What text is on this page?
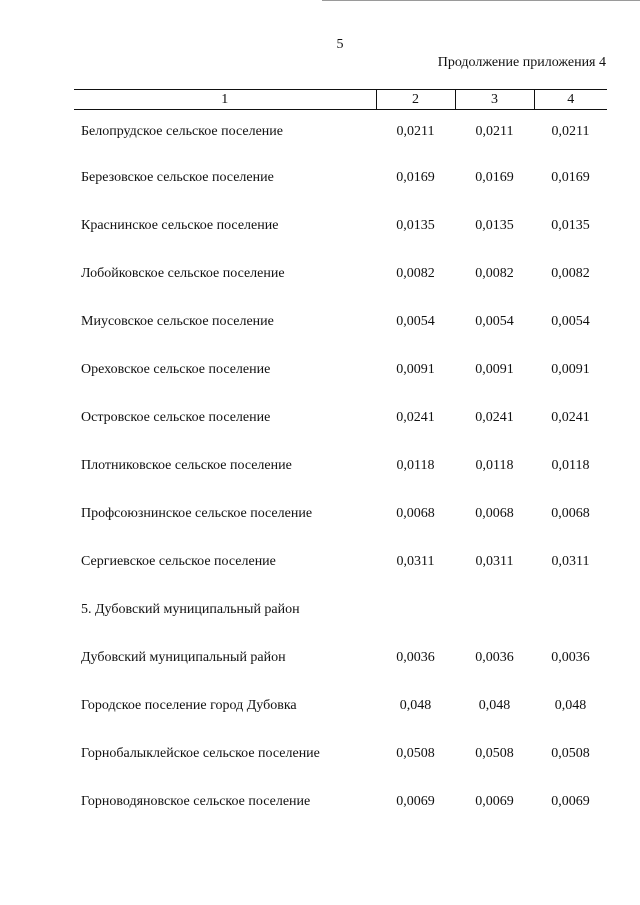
5
Продолжение приложения 4
1	2	3	4
Белопрудское сельское поселение	0,0211	0,0211	0,0211
Березовское сельское поселение	0,0169	0,0169	0,0169
Краснинское сельское поселение	0,0135	0,0135	0,0135
Лобойковское сельское поселение	0,0082	0,0082	0,0082
Миусовское сельское поселение	0,0054	0,0054	0,0054
Ореховское сельское поселение	0,0091	0,0091	0,0091
Островское сельское поселение	0,0241	0,0241	0,0241
Плотниковское сельское поселение	0,0118	0,0118	0,0118
Профсоюзнинское сельское поселение	0,0068	0,0068	0,0068
Сергиевское сельское поселение	0,0311	0,0311	0,0311
5. Дубовский муниципальный район			
Дубовский муниципальный район	0,0036	0,0036	0,0036
Городское поселение город Дубовка	0,048	0,048	0,048
Горнобалыклейское сельское поселение	0,0508	0,0508	0,0508
Горноводяновское сельское поселение	0,0069	0,0069	0,0069
